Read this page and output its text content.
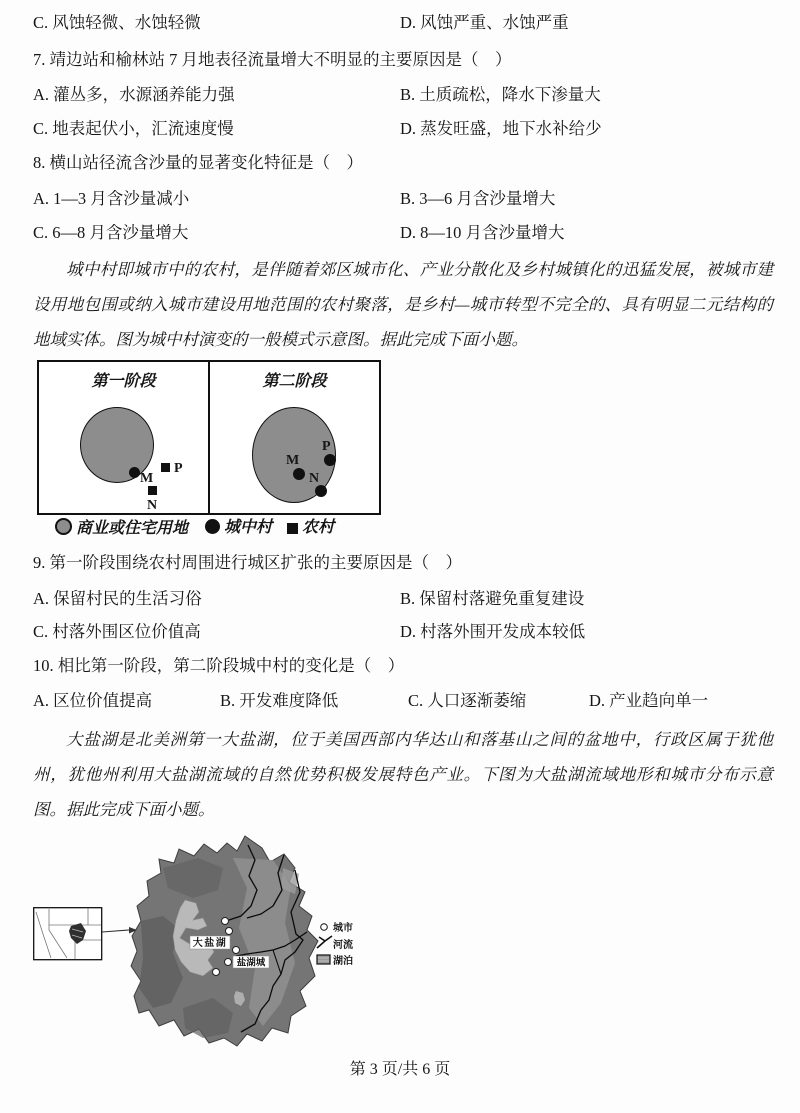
C. 风蚀轻微、水蚀轻微	D. 风蚀严重、水蚀严重
7. 靖边站和榆林站 7 月地表径流量增大不明显的主要原因是（　）
A. 灌丛多，水源涵养能力强	B. 土质疏松，降水下渗量大
C. 地表起伏小，汇流速度慢	D. 蒸发旺盛，地下水补给少
8. 横山站径流含沙量的显著变化特征是（　）
A. 1—3 月含沙量减小	B. 3—6 月含沙量增大
C. 6—8 月含沙量增大	D. 8—10 月含沙量增大
城中村即城市中的农村，是伴随着郊区城市化、产业分散化及乡村城镇化的迅猛发展，被城市建设用地包围或纳入城市建设用地范围的农村聚落，是乡村—城市转型不完全的、具有明显二元结构的地域实体。图为城中村演变的一般模式示意图。据此完成下面小题。
第一阶段
M
P
N
第二阶段
M
P
N
商业或住宅用地	城中村	农村
9. 第一阶段围绕农村周围进行城区扩张的主要原因是（　）
A. 保留村民的生活习俗	B. 保留村落避免重复建设
C. 村落外围区位价值高	D. 村落外围开发成本较低
10. 相比第一阶段，第二阶段城中村的变化是（　）
A. 区位价值提高	B. 开发难度降低	C. 人口逐渐萎缩	D. 产业趋向单一
大盐湖是北美洲第一大盐湖，位于美国西部内华达山和落基山之间的盆地中，行政区属于犹他州，犹他州利用大盐湖流域的自然优势积极发展特色产业。下图为大盐湖流域地形和城市分布示意图。据此完成下面小题。
大盐湖
盐湖城
城市
河流
湖泊
第 3 页/共 6 页
